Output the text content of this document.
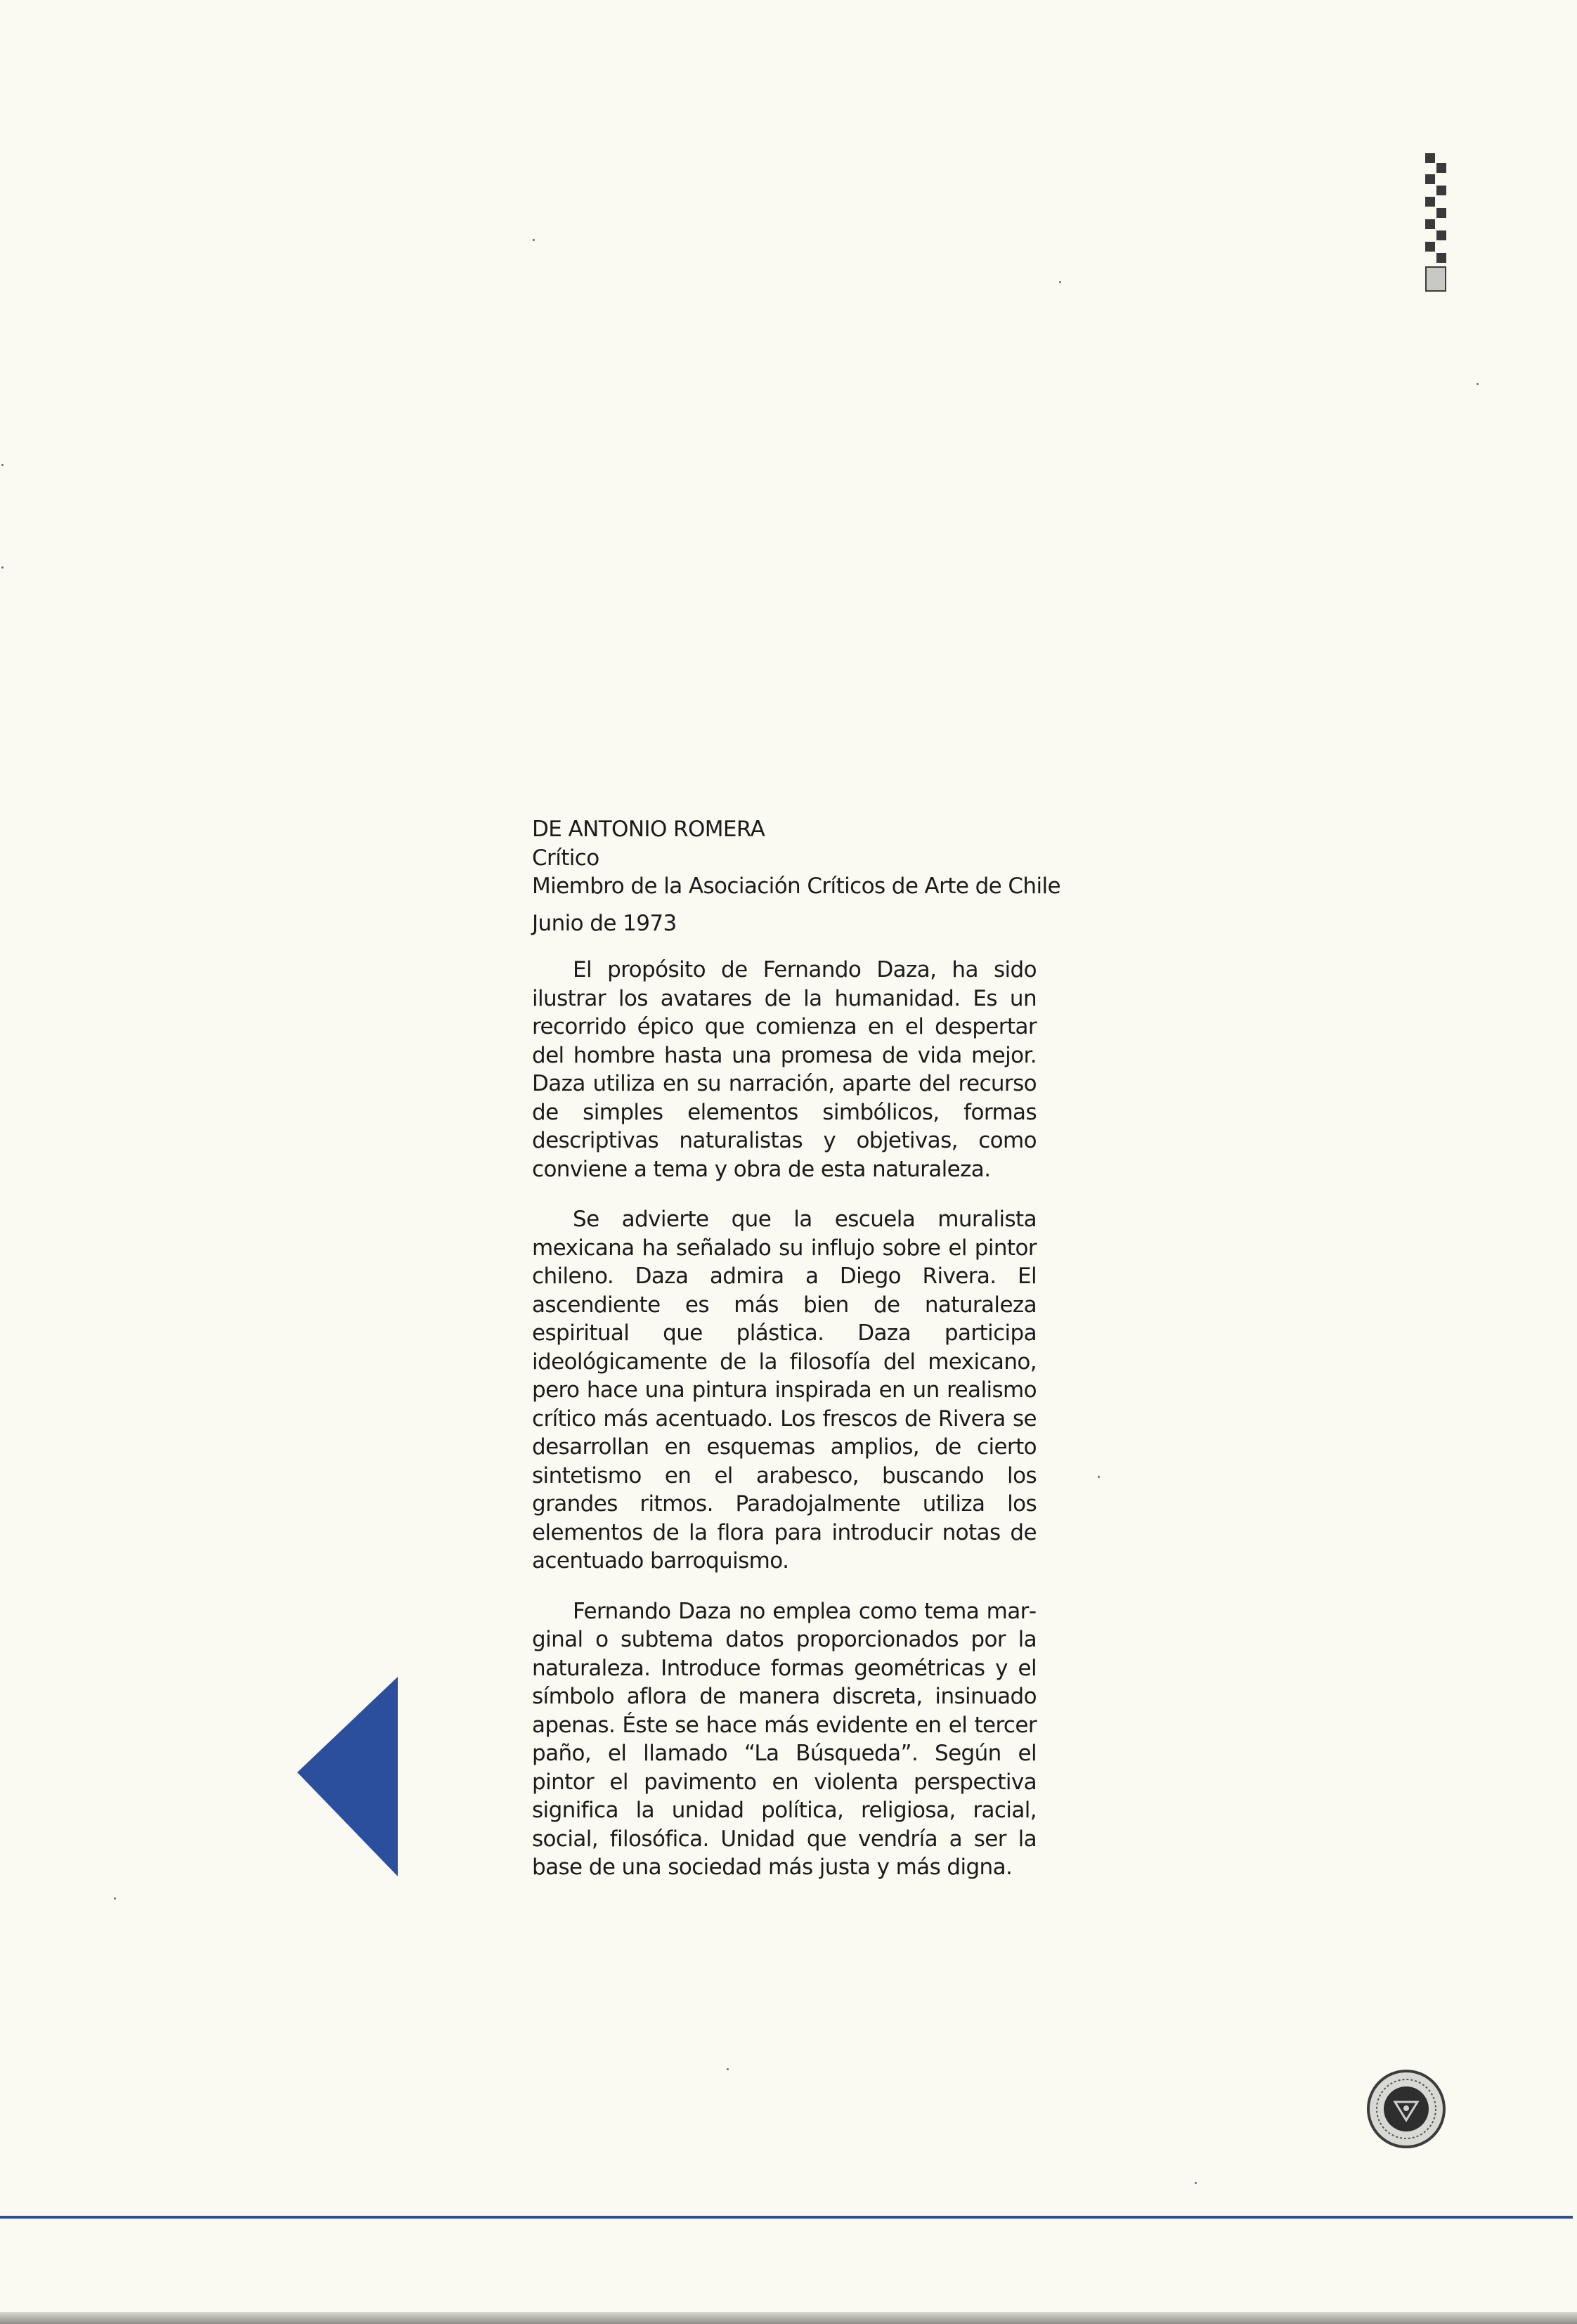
DE ANTONIO ROMERA

Crítico

Miembro de la Asociación Críticos de Arte de Chile

Junio de 1973

El propósito de Fernando Daza, ha sido ilustrar los avatares de la humanidad. Es un recorrido épico que comienza en el despertar del hombre hasta una promesa de vida mejor. Daza utiliza en su narración, aparte del recurso de simples elementos simbólicos, formas descriptivas naturalistas y objetivas, como conviene a tema y obra de esta naturaleza.

Se advierte que la escuela muralista mexicana ha señalado su influjo sobre el pintor chileno. Daza admira a Diego Rivera. El ascendiente es más bien de naturaleza espiritual que plástica. Daza participa ideológicamente de la filosofía del mexicano, pero hace una pintura inspirada en un realismo crítico más acentuado. Los frescos de Rivera se desarrollan en esquemas amplios, de cierto sintetismo en el arabesco, buscando los grandes ritmos. Paradojalmente utiliza los elementos de la flora para introducir notas de acentuado barroquismo.

Fernando Daza no emplea como tema marginal o subtema datos proporcionados por la naturaleza. Introduce formas geométricas y el símbolo aflora de manera discreta, insinuado apenas. Éste se hace más evidente en el tercer paño, el llamado “La Búsqueda”. Según el pintor el pavimento en violenta perspectiva significa la unidad política, religiosa, racial, social, filosófica. Unidad que vendría a ser la base de una sociedad más justa y más digna.
